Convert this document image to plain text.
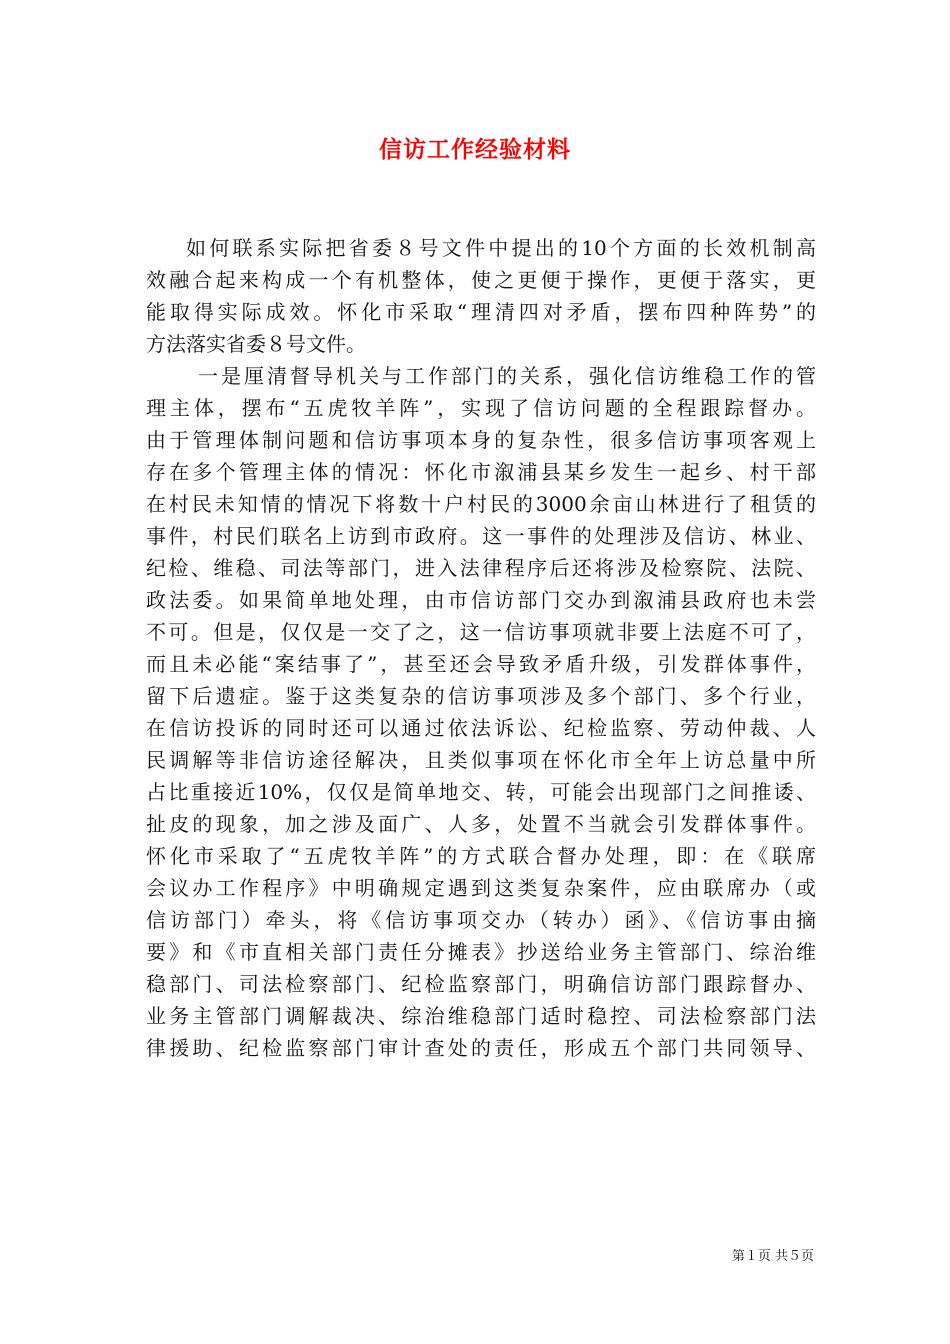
信访工作经验材料
如何联系实际把省委８号文件中提出的10个方面的长效机制高
效融合起来构成一个有机整体，使之更便于操作，更便于落实，更
能取得实际成效。怀化市采取“理清四对矛盾，摆布四种阵势”的
方法落实省委８号文件。
一是厘清督导机关与工作部门的关系，强化信访维稳工作的管
理主体，摆布“五虎牧羊阵”，实现了信访问题的全程跟踪督办。
由于管理体制问题和信访事项本身的复杂性，很多信访事项客观上
存在多个管理主体的情况：怀化市溆浦县某乡发生一起乡、村干部
在村民未知情的情况下将数十户村民的3000余亩山林进行了租赁的
事件，村民们联名上访到市政府。这一事件的处理涉及信访、林业、
纪检、维稳、司法等部门，进入法律程序后还将涉及检察院、法院、
政法委。如果简单地处理，由市信访部门交办到溆浦县政府也未尝
不可。但是，仅仅是一交了之，这一信访事项就非要上法庭不可了，
而且未必能“案结事了”，甚至还会导致矛盾升级，引发群体事件，
留下后遗症。鉴于这类复杂的信访事项涉及多个部门、多个行业，
在信访投诉的同时还可以通过依法诉讼、纪检监察、劳动仲裁、人
民调解等非信访途径解决，且类似事项在怀化市全年上访总量中所
占比重接近10%，仅仅是简单地交、转，可能会出现部门之间推诿、
扯皮的现象，加之涉及面广、人多，处置不当就会引发群体事件。
怀化市采取了“五虎牧羊阵”的方式联合督办处理，即：在《联席
会议办工作程序》中明确规定遇到这类复杂案件，应由联席办（或
信访部门）牵头，将《信访事项交办（转办）函》、《信访事由摘
要》和《市直相关部门责任分摊表》抄送给业务主管部门、综治维
稳部门、司法检察部门、纪检监察部门，明确信访部门跟踪督办、
业务主管部门调解裁决、综治维稳部门适时稳控、司法检察部门法
律援助、纪检监察部门审计查处的责任，形成五个部门共同领导、
第１页 共５页
